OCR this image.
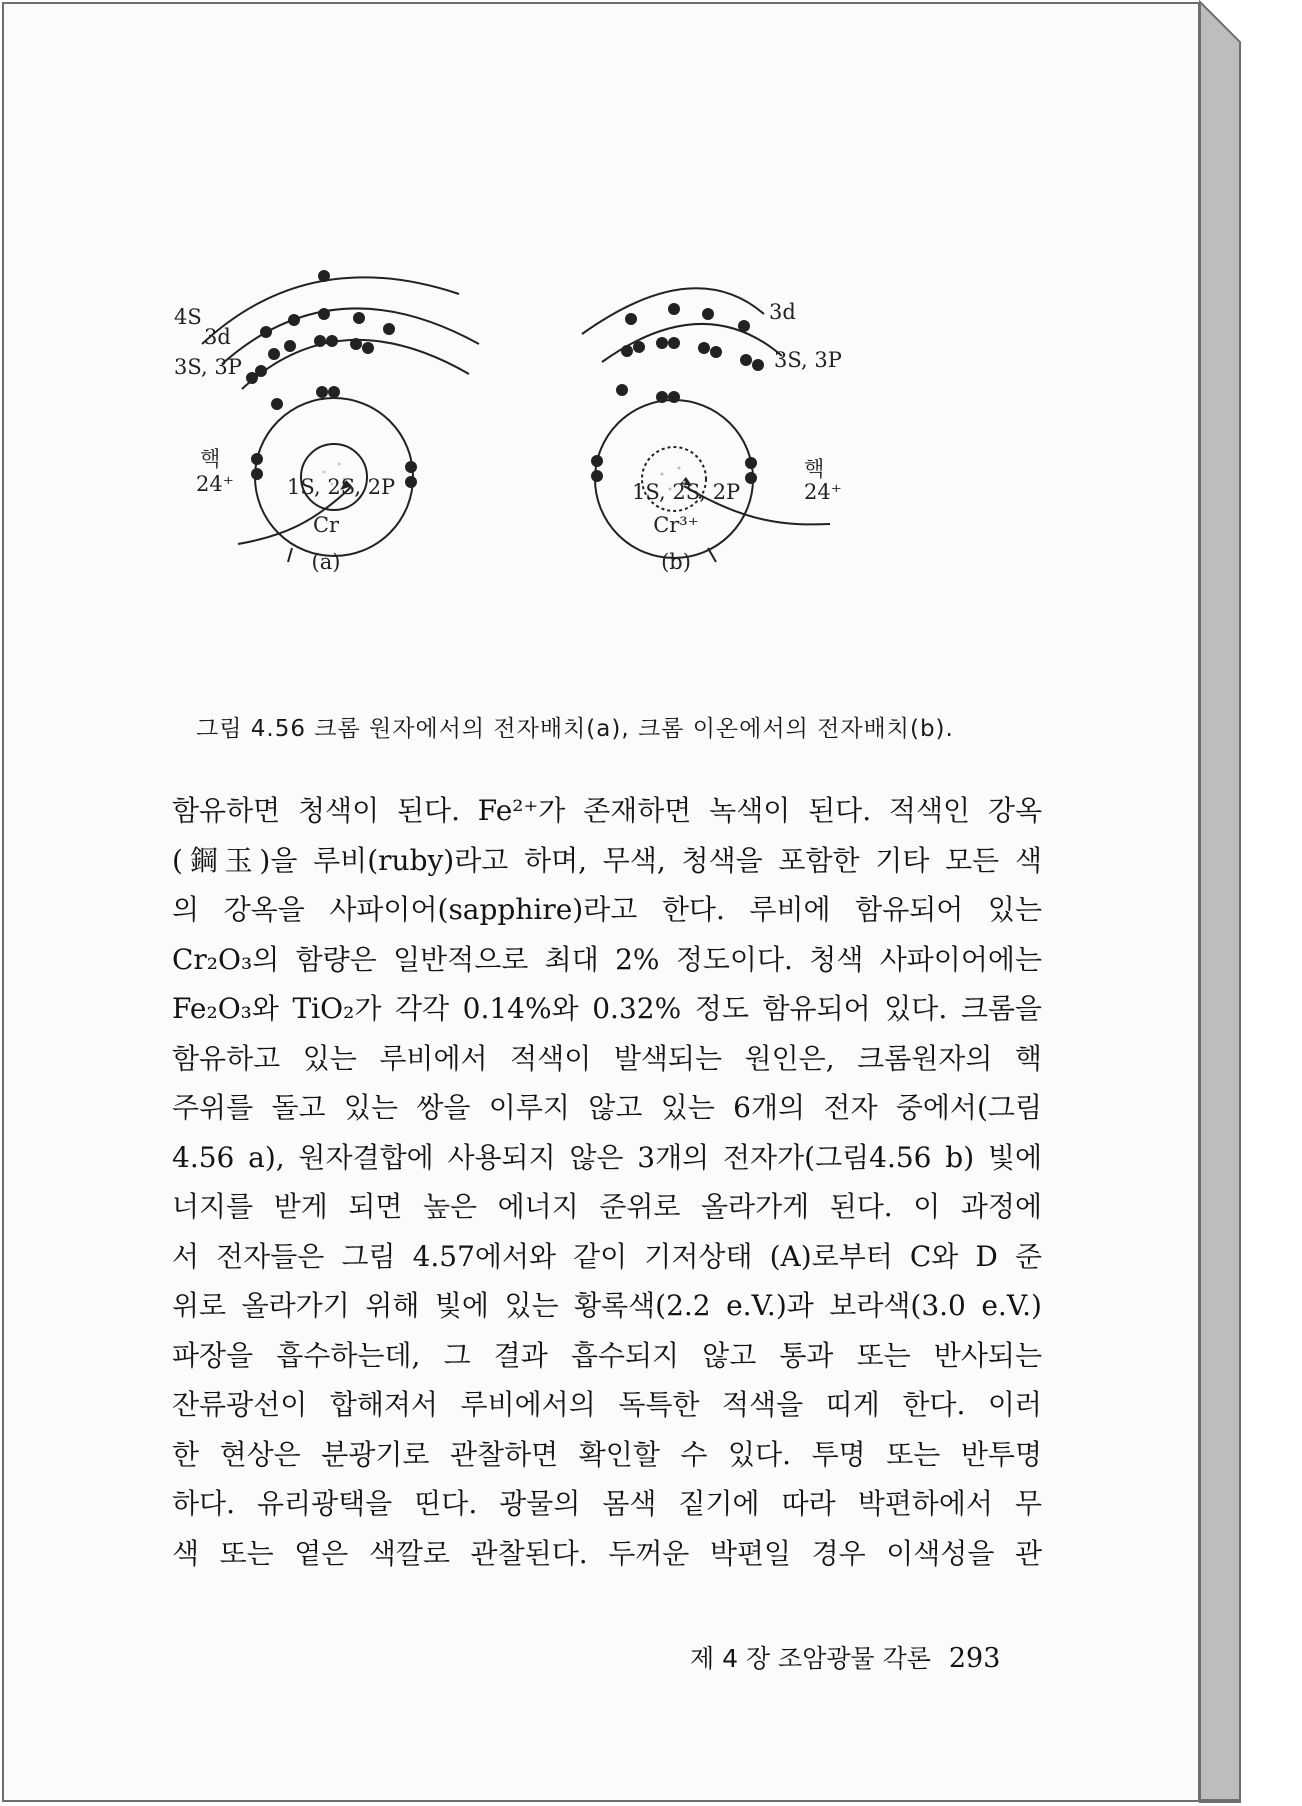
4S
3d
3S, 3P
핵
24⁺	1S, 2S, 2P
Cr
(a)
3d
3S, 3P
핵
24⁺
1S, 2S, 2P
Cr³⁺
(b)
그림 4.56 크롬 원자에서의 전자배치(a), 크롬 이온에서의 전자배치(b).
함유하면 청색이 된다. Fe²⁺가 존재하면 녹색이 된다. 적색인 강옥
(鋼玉)을 루비(ruby)라고 하며, 무색, 청색을 포함한 기타 모든 색
의 강옥을 사파이어(sapphire)라고 한다. 루비에 함유되어 있는
Cr₂O₃의 함량은 일반적으로 최대 2% 정도이다. 청색 사파이어에는
Fe₂O₃와 TiO₂가 각각 0.14%와 0.32% 정도 함유되어 있다. 크롬을
함유하고 있는 루비에서 적색이 발색되는 원인은, 크롬원자의 핵
주위를 돌고 있는 쌍을 이루지 않고 있는 6개의 전자 중에서(그림
4.56 a), 원자결합에 사용되지 않은 3개의 전자가(그림4.56 b) 빛에
너지를 받게 되면 높은 에너지 준위로 올라가게 된다. 이 과정에
서 전자들은 그림 4.57에서와 같이 기저상태 (A)로부터 C와 D 준
위로 올라가기 위해 빛에 있는 황록색(2.2 e.V.)과 보라색(3.0 e.V.)
파장을 흡수하는데, 그 결과 흡수되지 않고 통과 또는 반사되는
잔류광선이 합해져서 루비에서의 독특한 적색을 띠게 한다. 이러
한 현상은 분광기로 관찰하면 확인할 수 있다. 투명 또는 반투명
하다. 유리광택을 띤다. 광물의 몸색 짙기에 따라 박편하에서 무
색 또는 옅은 색깔로 관찰된다. 두꺼운 박편일 경우 이색성을 관
제 4 장 조암광물 각론 293
